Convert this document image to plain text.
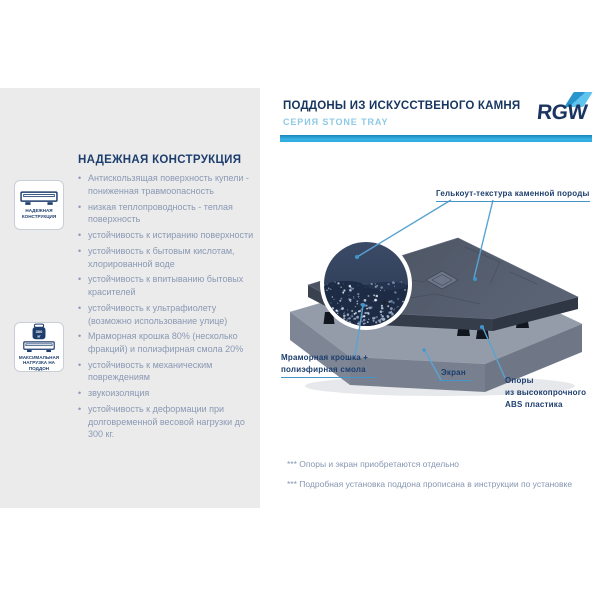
ПОДДОНЫ ИЗ ИСКУССТВЕНОГО КАМНЯ
СЕРИЯ STONE TRAY	RGW
НАДЕЖНАЯ КОНСТРУКЦИЯ
НАДЕЖНАЯ
КОНСТРУКЦИЯ
300
кг
МАКСИМАЛЬНАЯ
НАГРУЗКА НА ПОДДОН
• Антискользящая поверхность купели - пониженная травмоопасность
• низкая теплопроводность - теплая поверхность
• устойчивость к истиранию поверхности
• устойчивость к бытовым кислотам, хлорированной воде
• устойчивость к впитыванию бытовых красителей
• устойчивость к ультрафиолету (возможно использование улице)
• Мраморная крошка 80% (несколько фракций) и полиэфирная смола 20%
• устойчивость к механическим повреждениям
• звукоизоляция
• устойчивость к деформации при долговременной весовой нагрузки до 300 кг.
Гелькоут-текстура каменной породы
Мраморная крошка +
полиэфирная смола	Экран
Опоры
из высокопрочного
ABS пластика
+

*** Опоры и экран приобретаются отдельно

*** Подробная установка поддона прописана в инструкции по установке
